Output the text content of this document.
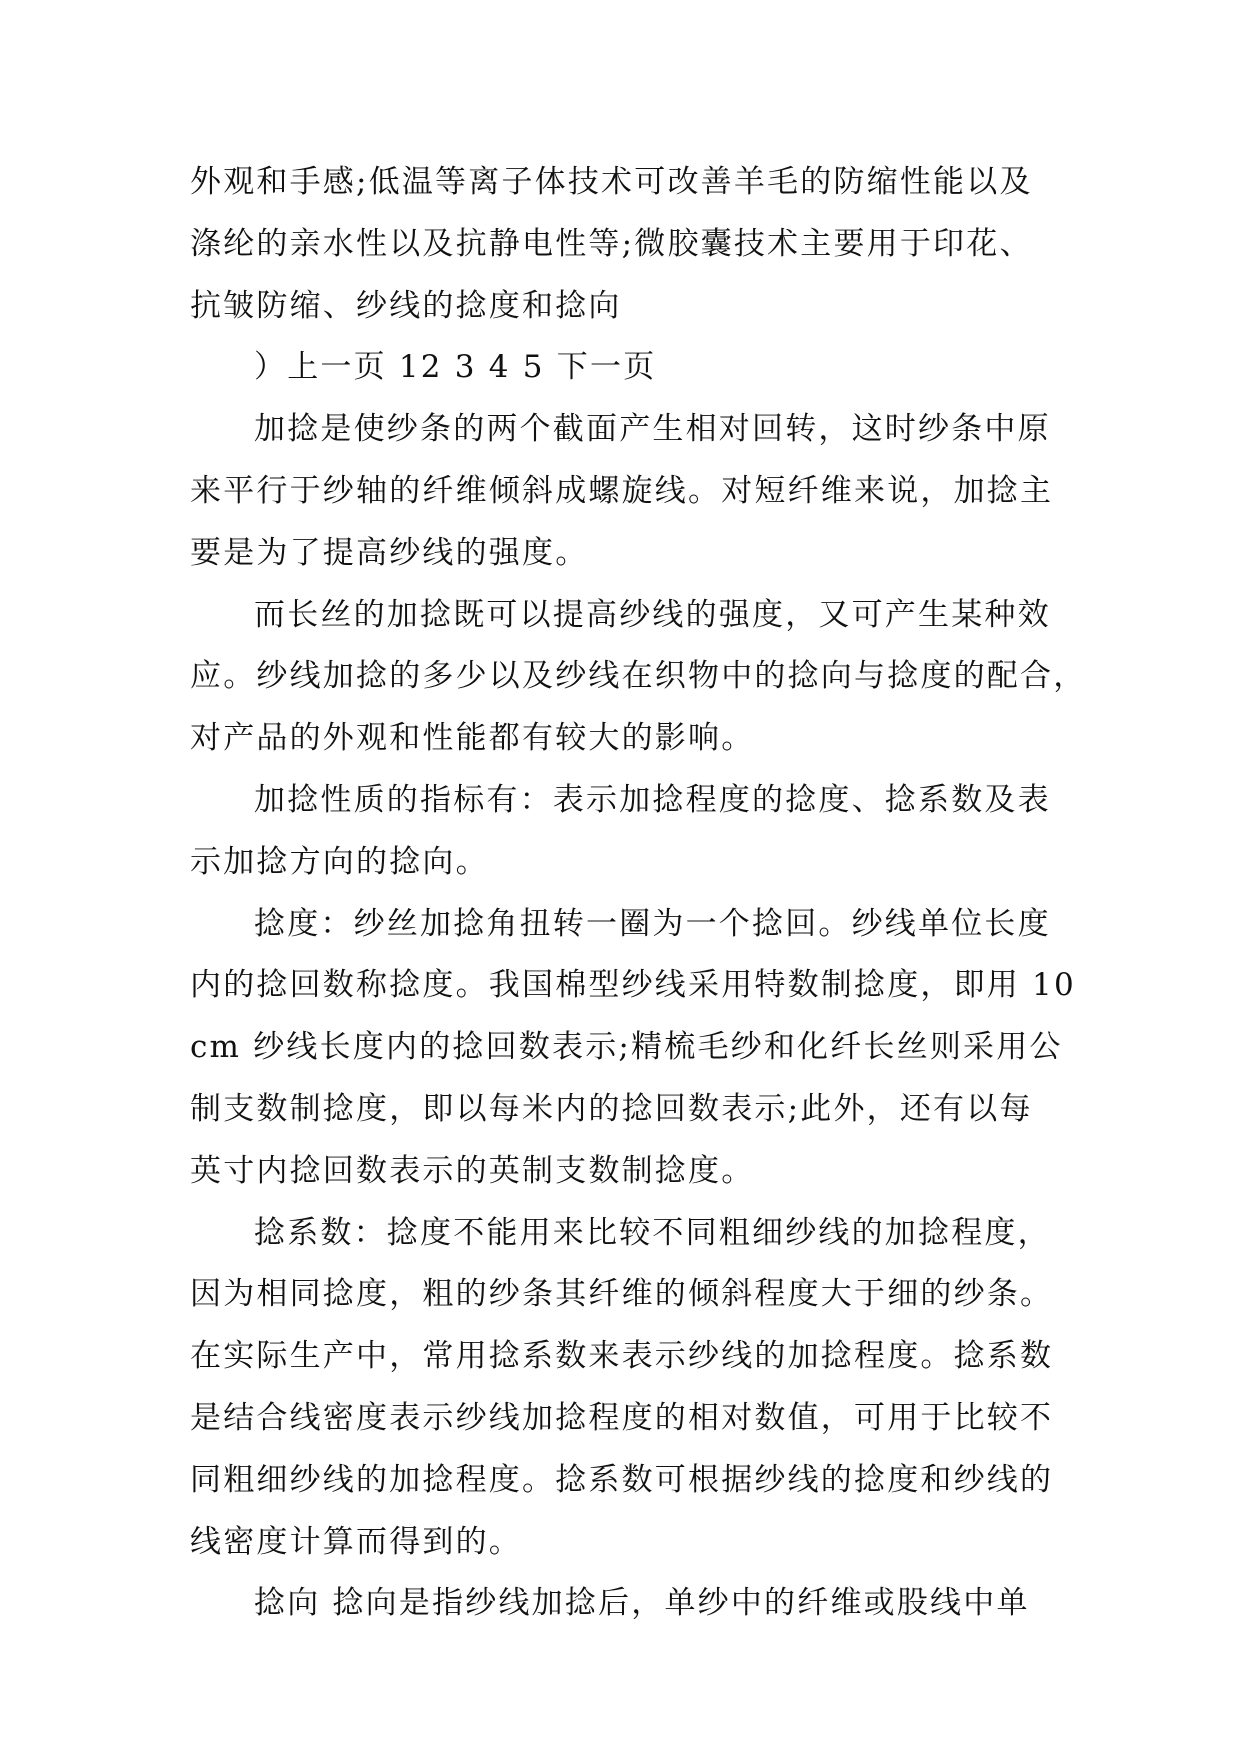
外观和手感;低温等离子体技术可改善羊毛的防缩性能以及
涤纶的亲水性以及抗静电性等;微胶囊技术主要用于印花、
抗皱防缩、纱线的捻度和捻向
）上一页 12 3 4 5 下一页
加捻是使纱条的两个截面产生相对回转，这时纱条中原
来平行于纱轴的纤维倾斜成螺旋线。对短纤维来说，加捻主
要是为了提高纱线的强度。
而长丝的加捻既可以提高纱线的强度，又可产生某种效
应。纱线加捻的多少以及纱线在织物中的捻向与捻度的配合，
对产品的外观和性能都有较大的影响。
加捻性质的指标有：表示加捻程度的捻度、捻系数及表
示加捻方向的捻向。
捻度：纱丝加捻角扭转一圈为一个捻回。纱线单位长度
内的捻回数称捻度。我国棉型纱线采用特数制捻度，即用 10
cm 纱线长度内的捻回数表示;精梳毛纱和化纤长丝则采用公
制支数制捻度，即以每米内的捻回数表示;此外，还有以每
英寸内捻回数表示的英制支数制捻度。
捻系数：捻度不能用来比较不同粗细纱线的加捻程度，
因为相同捻度，粗的纱条其纤维的倾斜程度大于细的纱条。
在实际生产中，常用捻系数来表示纱线的加捻程度。捻系数
是结合线密度表示纱线加捻程度的相对数值，可用于比较不
同粗细纱线的加捻程度。捻系数可根据纱线的捻度和纱线的
线密度计算而得到的。
捻向 捻向是指纱线加捻后，单纱中的纤维或股线中单
